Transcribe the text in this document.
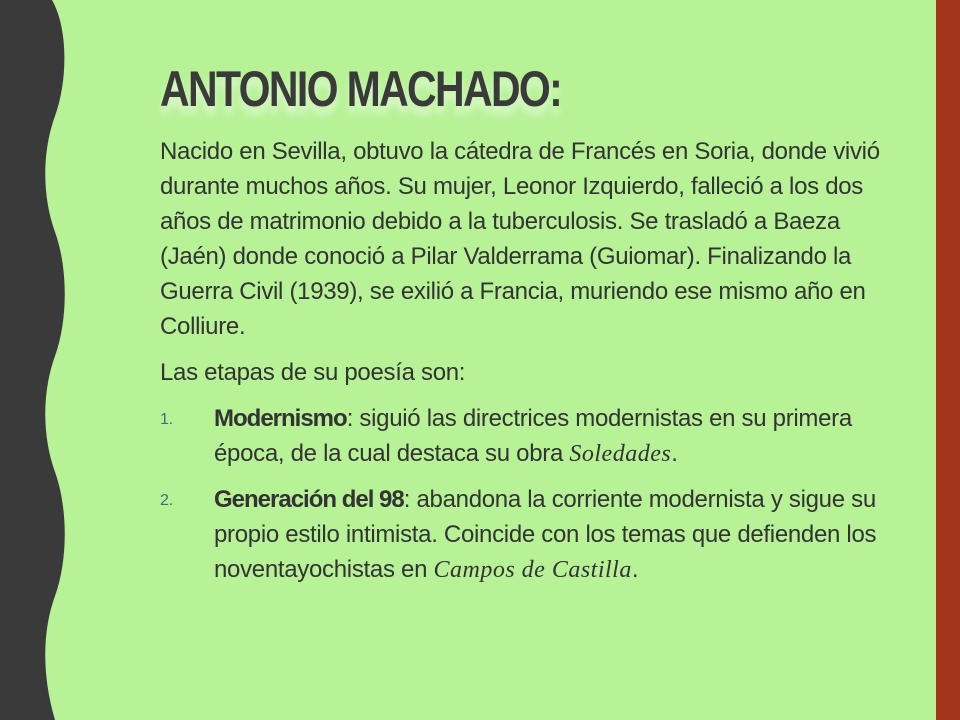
ANTONIO MACHADO:

Nacido en Sevilla, obtuvo la cátedra de Francés en Soria, donde vivió durante muchos años. Su mujer, Leonor Izquierdo, falleció a los dos años de matrimonio debido a la tuberculosis. Se trasladó a Baeza (Jaén) donde conoció a Pilar Valderrama (Guiomar). Finalizando la Guerra Civil (1939), se exilió a Francia, muriendo ese mismo año en Colliure.

Las etapas de su poesía son:

1. Modernismo: siguió las directrices modernistas en su primera época, de la cual destaca su obra Soledades.
2. Generación del 98: abandona la corriente modernista y sigue su propio estilo intimista. Coincide con los temas que defienden los noventayochistas en Campos de Castilla.
